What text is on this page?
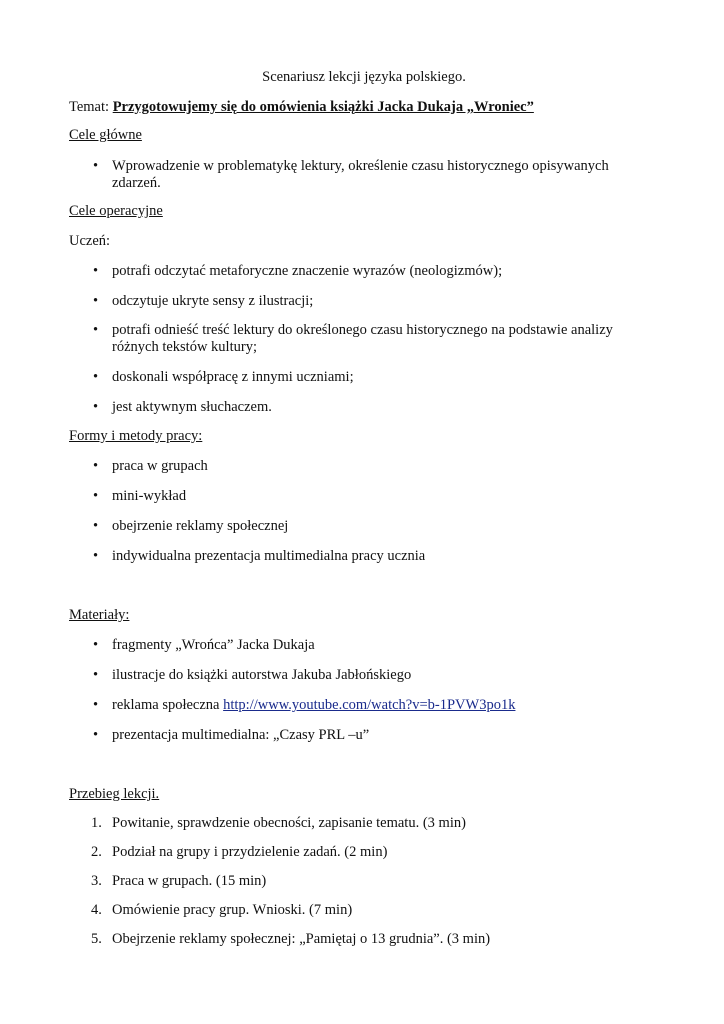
Scenariusz lekcji języka polskiego.
Temat: Przygotowujemy się do omówienia książki Jacka Dukaja „Wroniec”
Cele główne
• Wprowadzenie w problematykę lektury, określenie czasu historycznego opisywanych zdarzeń.
Cele operacyjne
Uczeń:
• potrafi odczytać metaforyczne znaczenie wyrazów (neologizmów);
• odczytuje ukryte sensy z ilustracji;
• potrafi odnieść treść lektury do określonego czasu historycznego na podstawie analizy różnych tekstów kultury;
• doskonali współpracę z innymi uczniami;
• jest aktywnym słuchaczem.
Formy i metody pracy:
• praca w grupach
• mini-wykład
• obejrzenie reklamy społecznej
• indywidualna prezentacja multimedialna pracy ucznia
Materiały:
• fragmenty „Wrońca” Jacka Dukaja
• ilustracje do książki autorstwa Jakuba Jabłońskiego
• reklama społeczna http://www.youtube.com/watch?v=b-1PVW3po1k
• prezentacja multimedialna: „Czasy PRL –u”
Przebieg lekcji.
1. Powitanie, sprawdzenie obecności, zapisanie tematu. (3 min)
2. Podział na grupy i przydzielenie zadań. (2 min)
3. Praca w grupach. (15 min)
4. Omówienie pracy grup. Wnioski. (7 min)
5. Obejrzenie reklamy społecznej: „Pamiętaj o 13 grudnia”. (3 min)
